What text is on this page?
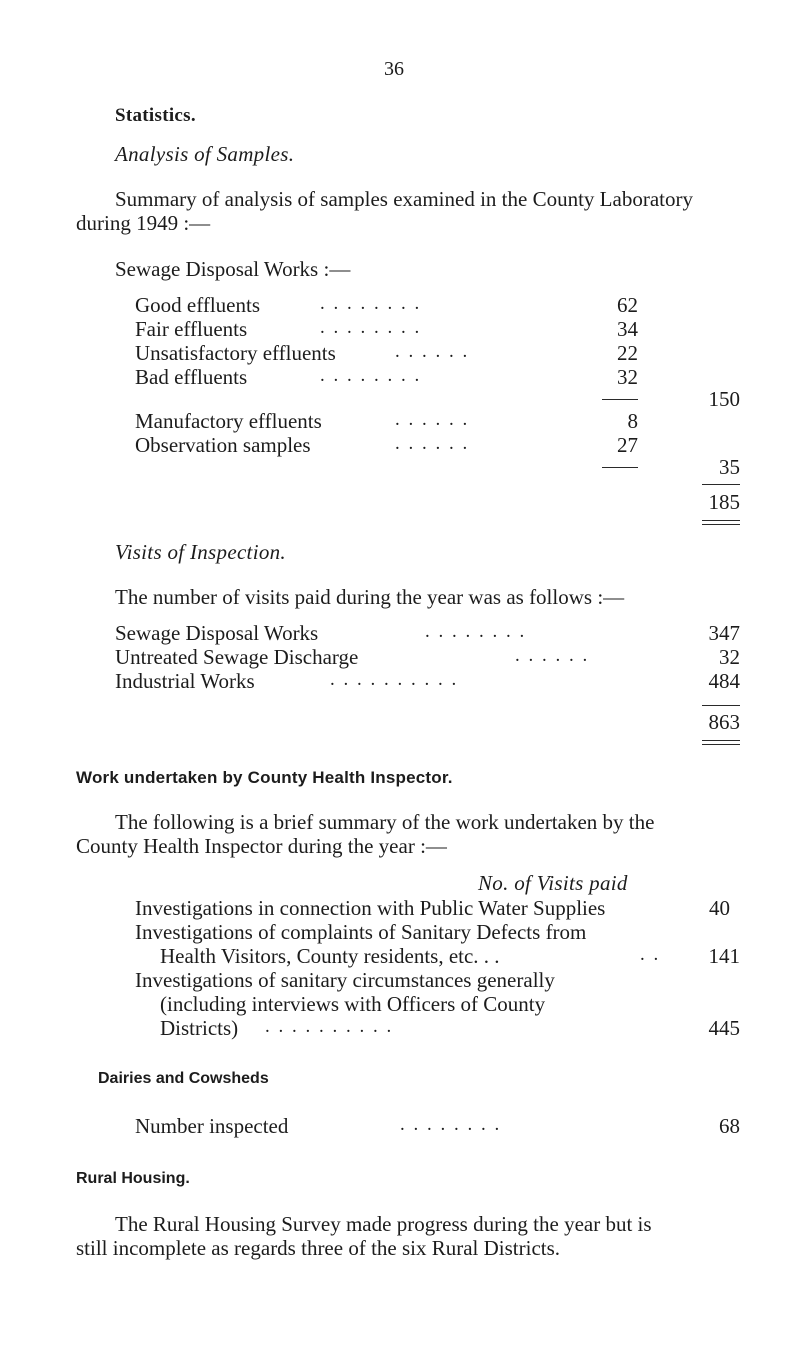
36
Statistics.
Analysis of Samples.
Summary of analysis of samples examined in the County Laboratory
during 1949 :—
Sewage Disposal Works :—
Good effluents	. . . . . . . .	62
Fair effluents	. . . . . . . .	34
Unsatisfactory effluents	. . . . . .	22
Bad effluents	. . . . . . . .	32
150
Manufactory effluents	. . . . . .	8
Observation samples	. . . . . .	27
35
185
Visits of Inspection.
The number of visits paid during the year was as follows :—
Sewage Disposal Works	. . . . . . . .	347
Untreated Sewage Discharge	. . . . . .	32
Industrial Works	. . . . . . . . . .	484
863
Work undertaken by County Health Inspector.
The following is a brief summary of the work undertaken by the
County Health Inspector during the year :—
No. of Visits paid
Investigations in connection with Public Water Supplies	40
Investigations of complaints of Sanitary Defects from
Health Visitors, County residents, etc. . .	. .	141
Investigations of sanitary circumstances generally
(including interviews with Officers of County
Districts) . . . . . . . . . .	445
Dairies and Cowsheds
Number inspected	. . . . . . . .	68
Rural Housing.
The Rural Housing Survey made progress during the year but is
still incomplete as regards three of the six Rural Districts.
